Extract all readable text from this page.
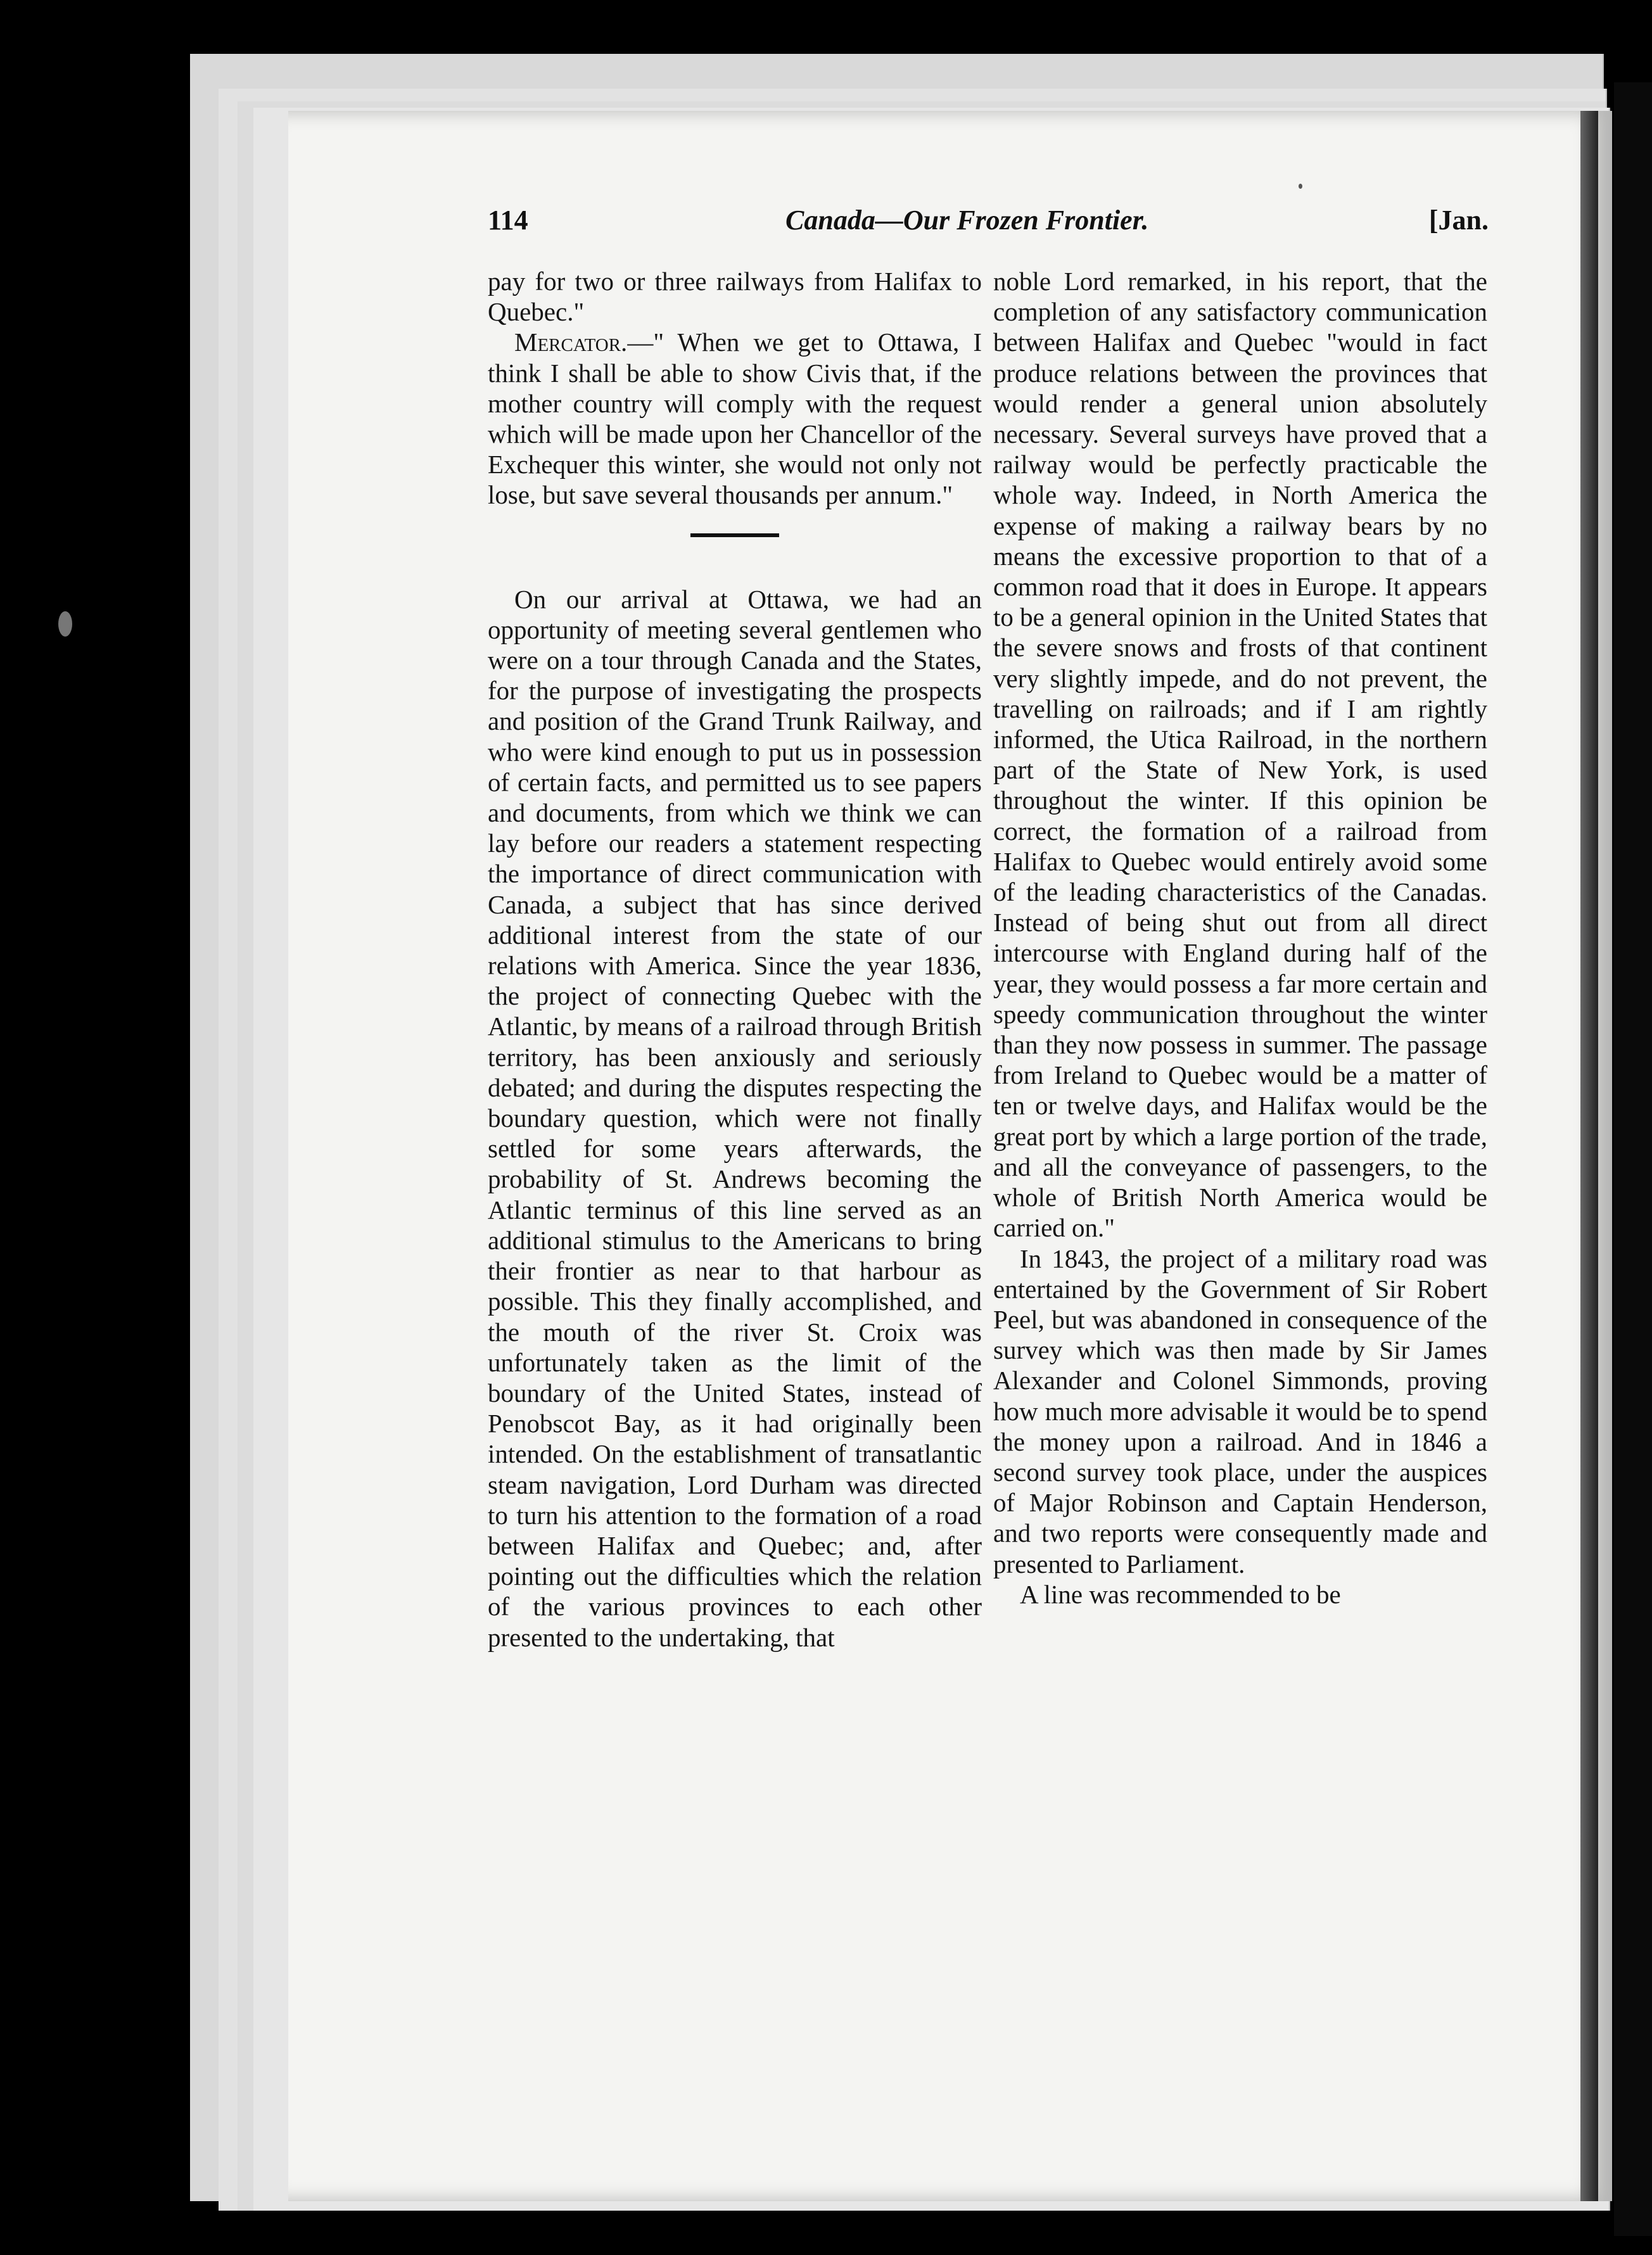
114	Canada—Our Frozen Frontier.	[Jan.

pay for two or three railways from Halifax to Quebec."

Mercator.—" When we get to Ottawa, I think I shall be able to show Civis that, if the mother country will comply with the request which will be made upon her Chancellor of the Exchequer this winter, she would not only not lose, but save several thousands per annum."

On our arrival at Ottawa, we had an opportunity of meeting several gentlemen who were on a tour through Canada and the States, for the purpose of investigating the prospects and position of the Grand Trunk Railway, and who were kind enough to put us in possession of certain facts, and permitted us to see papers and documents, from which we think we can lay before our readers a statement respecting the importance of direct communication with Canada, a subject that has since derived additional interest from the state of our relations with America. Since the year 1836, the project of connecting Quebec with the Atlantic, by means of a railroad through British territory, has been anxiously and seriously debated; and during the disputes respecting the boundary question, which were not finally settled for some years afterwards, the probability of St. Andrews becoming the Atlantic terminus of this line served as an additional stimulus to the Americans to bring their frontier as near to that harbour as possible. This they finally accomplished, and the mouth of the river St. Croix was unfortunately taken as the limit of the boundary of the United States, instead of Penobscot Bay, as it had originally been intended. On the establishment of transatlantic steam navigation, Lord Durham was directed to turn his attention to the formation of a road between Halifax and Quebec; and, after pointing out the difficulties which the relation of the various provinces to each other presented to the undertaking, that

noble Lord remarked, in his report, that the completion of any satisfactory communication between Halifax and Quebec "would in fact produce relations between the provinces that would render a general union absolutely necessary. Several surveys have proved that a railway would be perfectly practicable the whole way. Indeed, in North America the expense of making a railway bears by no means the excessive proportion to that of a common road that it does in Europe. It appears to be a general opinion in the United States that the severe snows and frosts of that continent very slightly impede, and do not prevent, the travelling on railroads; and if I am rightly informed, the Utica Railroad, in the northern part of the State of New York, is used throughout the winter. If this opinion be correct, the formation of a railroad from Halifax to Quebec would entirely avoid some of the leading characteristics of the Canadas. Instead of being shut out from all direct intercourse with England during half of the year, they would possess a far more certain and speedy communication throughout the winter than they now possess in summer. The passage from Ireland to Quebec would be a matter of ten or twelve days, and Halifax would be the great port by which a large portion of the trade, and all the conveyance of passengers, to the whole of British North America would be carried on."

In 1843, the project of a military road was entertained by the Government of Sir Robert Peel, but was abandoned in consequence of the survey which was then made by Sir James Alexander and Colonel Simmonds, proving how much more advisable it would be to spend the money upon a railroad. And in 1846 a second survey took place, under the auspices of Major Robinson and Captain Henderson, and two reports were consequently made and presented to Parliament.

A line was recommended to be
